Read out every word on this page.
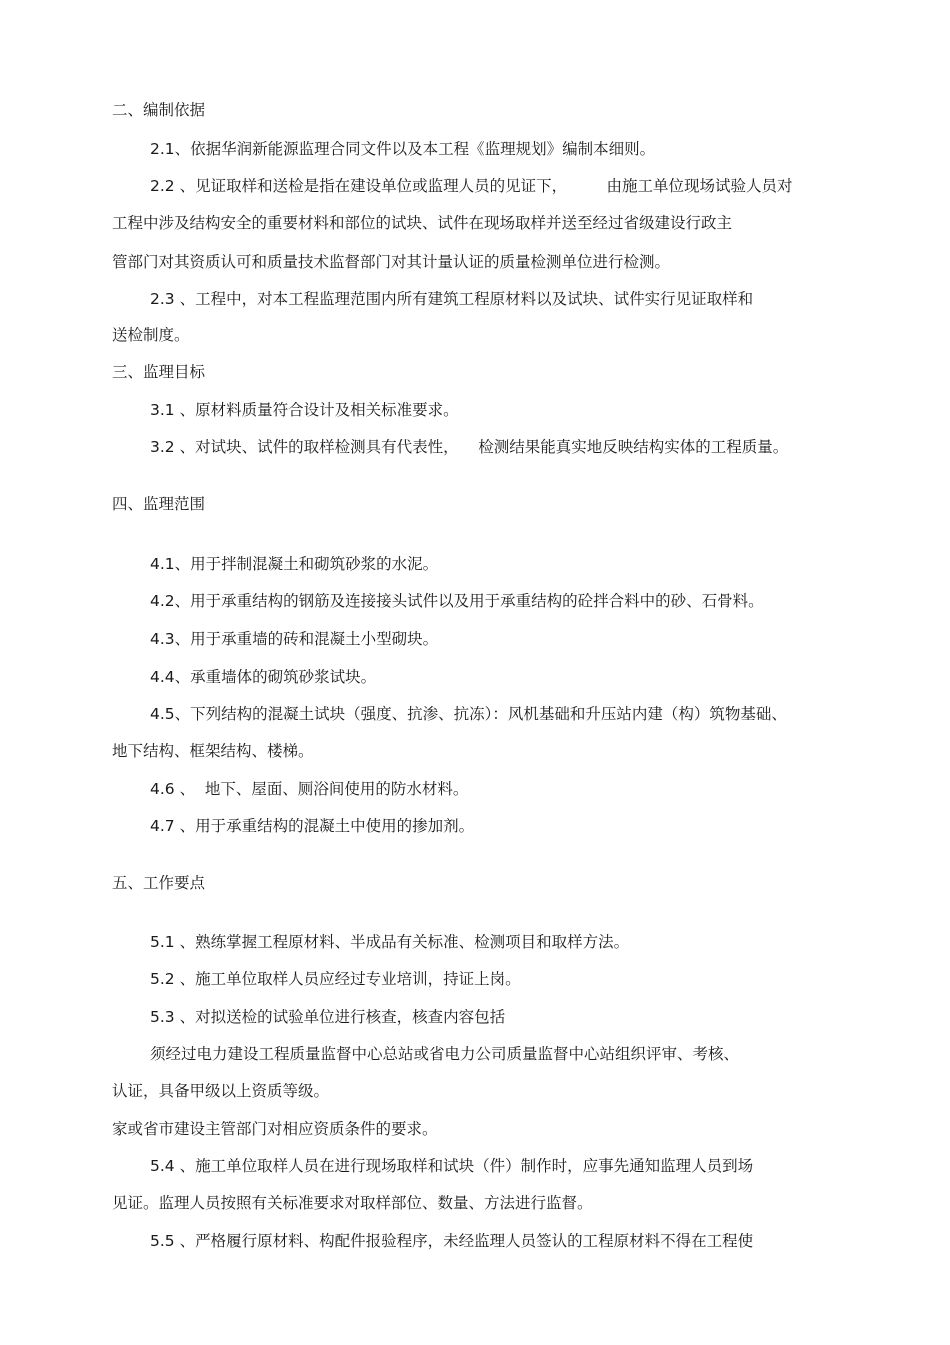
二、编制依据
2.1、依据华润新能源监理合同文件以及本工程《监理规划》编制本细则。
2.2 、见证取样和送检是指在建设单位或监理人员的见证下，        由施工单位现场试验人员对
工程中涉及结构安全的重要材料和部位的试块、试件在现场取样并送至经过省级建设行政主
管部门对其资质认可和质量技术监督部门对其计量认证的质量检测单位进行检测。
2.3 、工程中，对本工程监理范围内所有建筑工程原材料以及试块、试件实行见证取样和
送检制度。
三、监理目标
3.1 、原材料质量符合设计及相关标准要求。
3.2 、对试块、试件的取样检测具有代表性，    检测结果能真实地反映结构实体的工程质量。
四、监理范围
4.1、用于拌制混凝土和砌筑砂浆的水泥。
4.2、用于承重结构的钢筋及连接接头试件以及用于承重结构的砼拌合料中的砂、石骨料。
4.3、用于承重墙的砖和混凝土小型砌块。
4.4、承重墙体的砌筑砂浆试块。
4.5、下列结构的混凝土试块（强度、抗渗、抗冻）：风机基础和升压站内建（构）筑物基础、
地下结构、框架结构、楼梯。
4.6 、  地下、屋面、厕浴间使用的防水材料。
4.7 、用于承重结构的混凝土中使用的掺加剂。
五、工作要点
5.1 、熟练掌握工程原材料、半成品有关标准、检测项目和取样方法。
5.2 、施工单位取样人员应经过专业培训，持证上岗。
5.3 、对拟送检的试验单位进行核查，核查内容包括
须经过电力建设工程质量监督中心总站或省电力公司质量监督中心站组织评审、考核、
认证，具备甲级以上资质等级。
家或省市建设主管部门对相应资质条件的要求。
5.4 、施工单位取样人员在进行现场取样和试块（件）制作时，应事先通知监理人员到场
见证。监理人员按照有关标准要求对取样部位、数量、方法进行监督。
5.5 、严格履行原材料、构配件报验程序，未经监理人员签认的工程原材料不得在工程使
